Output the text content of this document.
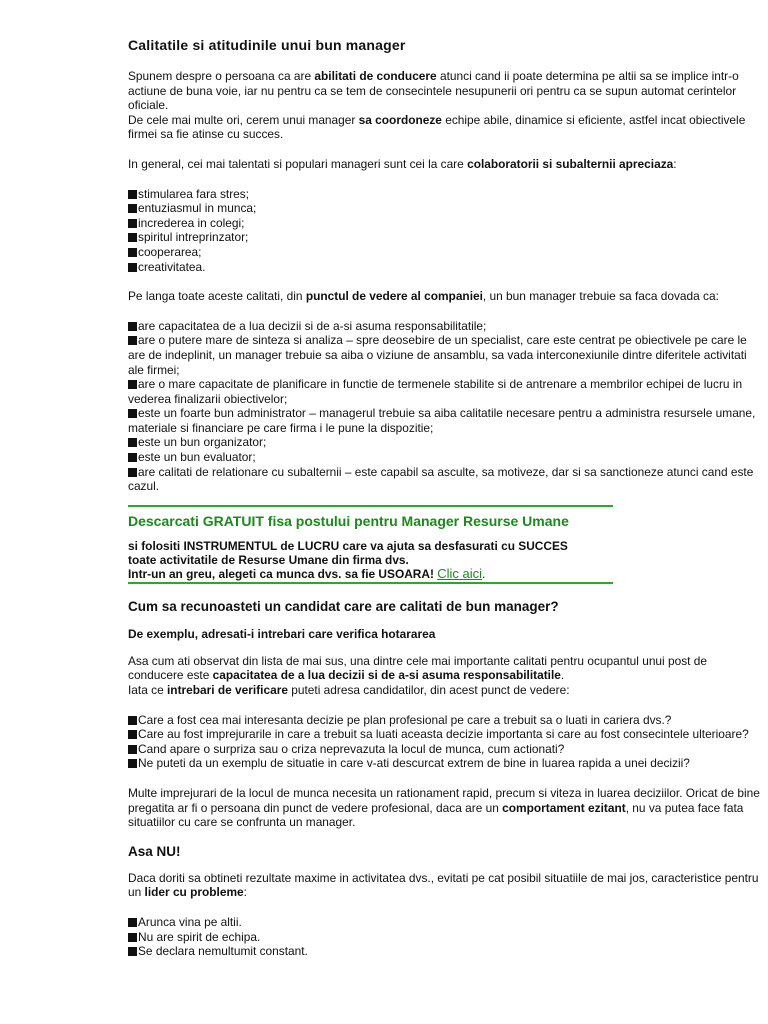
Calitatile si atitudinile unui bun manager

Spunem despre o persoana ca are abilitati de conducere atunci cand ii poate determina pe altii sa se implice intr-o actiune de buna voie, iar nu pentru ca se tem de consecintele nesupunerii ori pentru ca se supun automat cerintelor oficiale.

De cele mai multe ori, cerem unui manager sa coordoneze echipe abile, dinamice si eficiente, astfel incat obiectivele firmei sa fie atinse cu succes.

In general, cei mai talentati si populari manageri sunt cei la care colaboratorii si subalternii apreciaza:

stimularea fara stres;
entuziasmul in munca;
increderea in colegi;
spiritul intreprinzator;
cooperarea;
creativitatea.

Pe langa toate aceste calitati, din punctul de vedere al companiei, un bun manager trebuie sa faca dovada ca:

are capacitatea de a lua decizii si de a-si asuma responsabilitatile;
are o putere mare de sinteza si analiza – spre deosebire de un specialist, care este centrat pe obiectivele pe care le are de indeplinit, un manager trebuie sa aiba o viziune de ansamblu, sa vada interconexiunile dintre diferitele activitati ale firmei;
are o mare capacitate de planificare in functie de termenele stabilite si de antrenare a membrilor echipei de lucru in vederea finalizarii obiectivelor;
este un foarte bun administrator – managerul trebuie sa aiba calitatile necesare pentru a administra resursele umane, materiale si financiare pe care firma i le pune la dispozitie;
este un bun organizator;
este un bun evaluator;
are calitati de relationare cu subalternii – este capabil sa asculte, sa motiveze, dar si sa sanctioneze atunci cand este cazul.

Descarcati GRATUIT fisa postului pentru Manager Resurse Umane

si folositi INSTRUMENTUL de LUCRU care va ajuta sa desfasurati cu SUCCES

toate activitatile de Resurse Umane din firma dvs.

Intr-un an greu, alegeti ca munca dvs. sa fie USOARA! Clic aici.

Cum sa recunoasteti un candidat care are calitati de bun manager?
De exemplu, adresati-i intrebari care verifica hotararea

Asa cum ati observat din lista de mai sus, una dintre cele mai importante calitati pentru ocupantul unui post de conducere este capacitatea de a lua decizii si de a-si asuma responsabilitatile.

Iata ce intrebari de verificare puteti adresa candidatilor, din acest punct de vedere:

Care a fost cea mai interesanta decizie pe plan profesional pe care a trebuit sa o luati in cariera dvs.?
Care au fost imprejurarile in care a trebuit sa luati aceasta decizie importanta si care au fost consecintele ulterioare?
Cand apare o surpriza sau o criza neprevazuta la locul de munca, cum actionati?
Ne puteti da un exemplu de situatie in care v-ati descurcat extrem de bine in luarea rapida a unei decizii?

Multe imprejurari de la locul de munca necesita un rationament rapid, precum si viteza in luarea deciziilor. Oricat de bine pregatita ar fi o persoana din punct de vedere profesional, daca are un comportament ezitant, nu va putea face fata situatiilor cu care se confrunta un manager.

Asa NU!

Daca doriti sa obtineti rezultate maxime in activitatea dvs., evitati pe cat posibil situatiile de mai jos, caracteristice pentru un lider cu probleme:

Arunca vina pe altii.
Nu are spirit de echipa.
Se declara nemultumit constant.
